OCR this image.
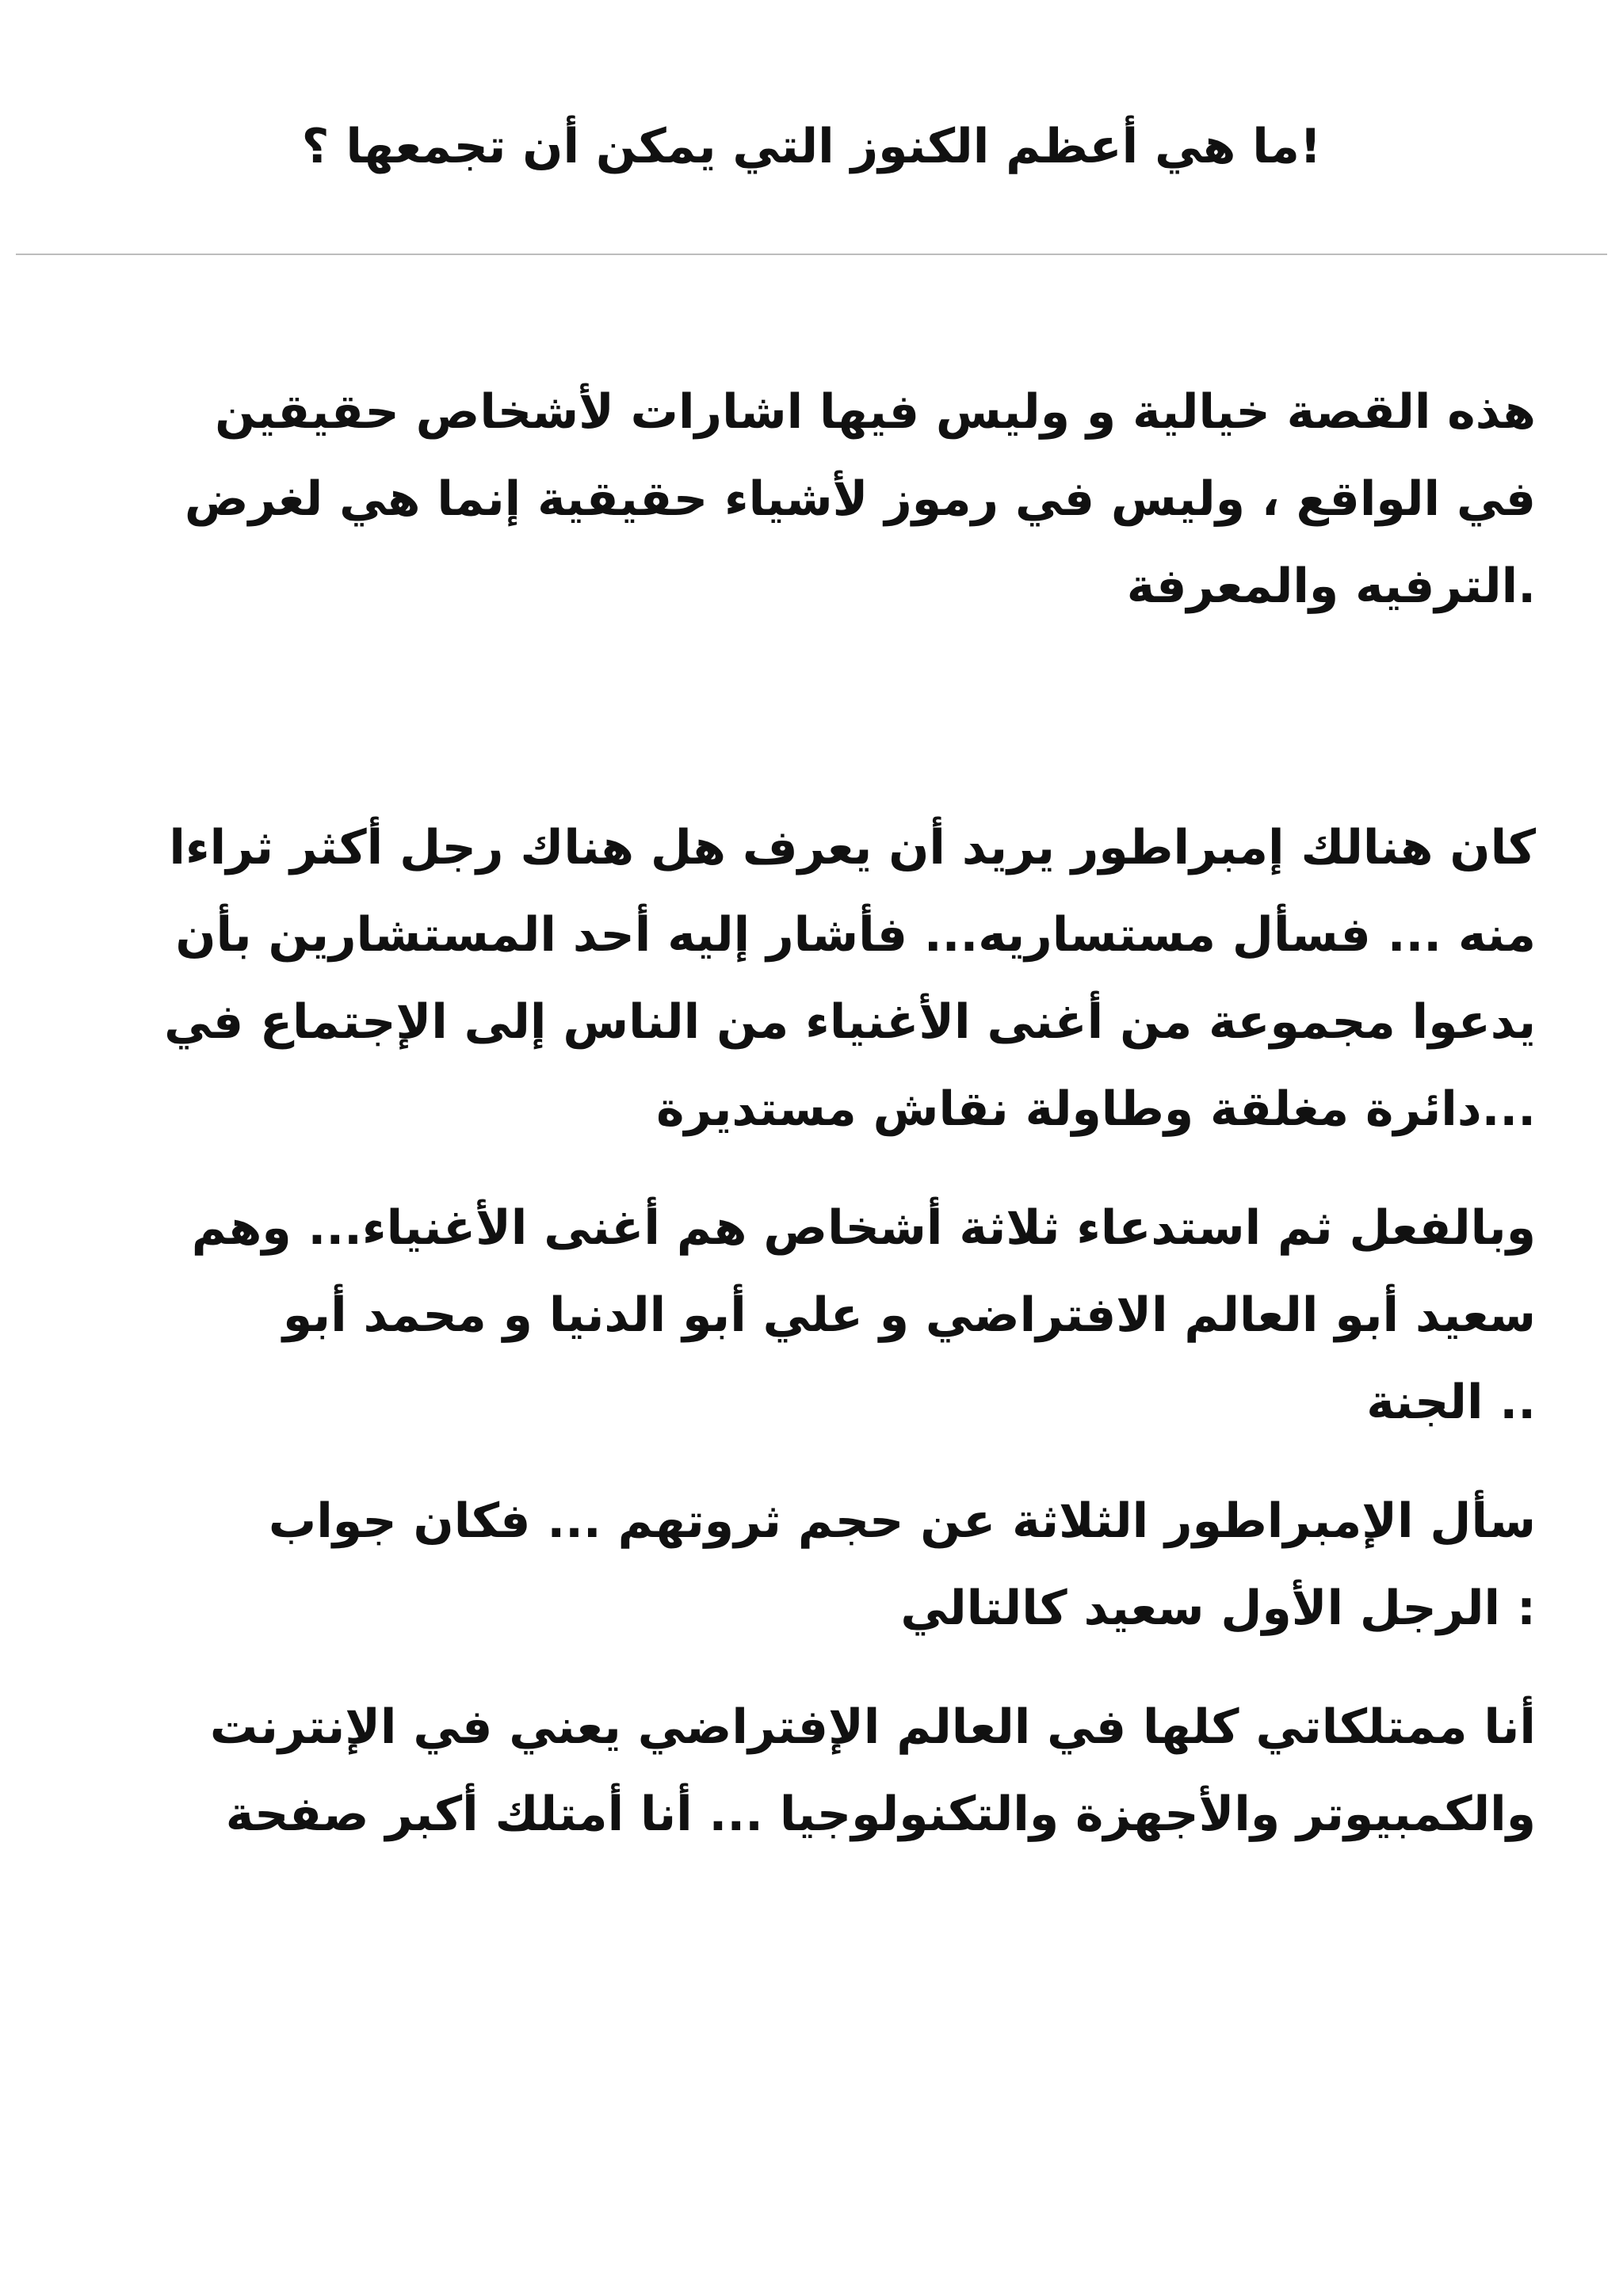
!ما هي أعظم الكنوز التي يمكن أن تجمعها ؟

هذه القصة خيالية و وليس فيها اشارات لأشخاص حقيقين
في الواقع ، وليس في رموز لأشياء حقيقية إنما هي لغرض
.الترفيه والمعرفة

كان هنالك إمبراطور يريد أن يعرف هل هناك رجل أكثر ثراءا
منه ... فسأل مستساريه... فأشار إليه أحد المستشارين بأن
يدعوا مجموعة من أغنى الأغنياء من الناس إلى الإجتماع في
...دائرة مغلقة وطاولة نقاش مستديرة

وبالفعل ثم استدعاء ثلاثة أشخاص هم أغنى الأغنياء... وهم
سعيد أبو العالم الافتراضي و علي أبو الدنيا و محمد أبو
.. الجنة

سأل الإمبراطور الثلاثة عن حجم ثروتهم ... فكان جواب
: الرجل الأول سعيد كالتالي

أنا ممتلكاتي كلها في العالم الإفتراضي يعني في الإنترنت
والكمبيوتر والأجهزة والتكنولوجيا ... أنا أمتلك أكبر صفحة
